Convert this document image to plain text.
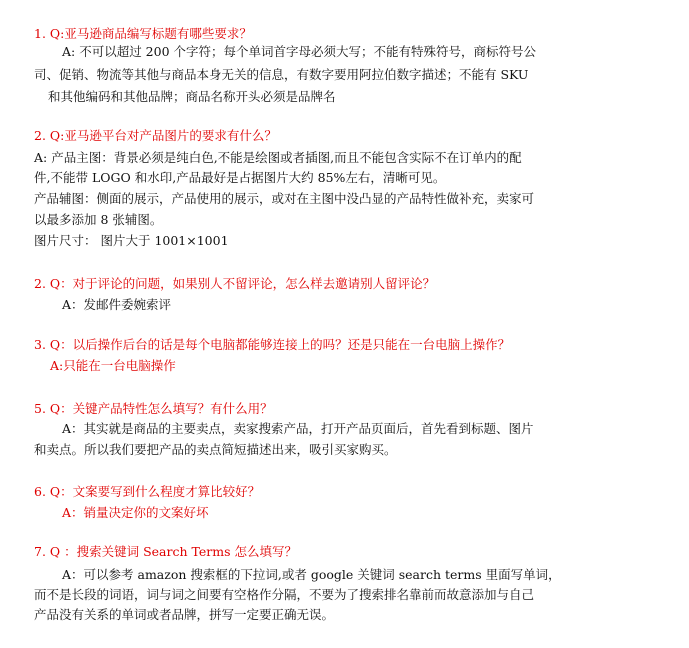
1. Q:亚马逊商品编写标题有哪些要求？
A: 不可以超过 200 个字符；每个单词首字母必须大写；不能有特殊符号，商标符号公
司、促销、物流等其他与商品本身无关的信息，有数字要用阿拉伯数字描述；不能有 SKU
和其他编码和其他品牌；商品名称开头必须是品牌名
2. Q:亚马逊平台对产品图片的要求有什么？
A: 产品主图：背景必须是纯白色,不能是绘图或者插图,而且不能包含实际不在订单内的配
件,不能带 LOGO 和水印,产品最好是占据图片大约 85%左右，清晰可见。
产品辅图：侧面的展示，产品使用的展示，或对在主图中没凸显的产品特性做补充，卖家可
以最多添加 8 张辅图。
图片尺寸： 图片大于 1001×1001
2. Q：对于评论的问题，如果别人不留评论，怎么样去邀请别人留评论？
A：发邮件委婉索评
3. Q：以后操作后台的话是每个电脑都能够连接上的吗？还是只能在一台电脑上操作？
A:只能在一台电脑操作
5. Q：关键产品特性怎么填写？有什么用？
A：其实就是商品的主要卖点，卖家搜索产品，打开产品页面后，首先看到标题、图片
和卖点。所以我们要把产品的卖点简短描述出来，吸引买家购买。
6. Q：文案要写到什么程度才算比较好？
A：销量决定你的文案好坏
7. Q ：搜索关键词 Search Terms 怎么填写？
A：可以参考 amazon 搜索框的下拉词,或者 google 关键词 search terms 里面写单词，
而不是长段的词语，词与词之间要有空格作分隔，不要为了搜索排名靠前而故意添加与自己
产品没有关系的单词或者品牌，拼写一定要正确无误。
